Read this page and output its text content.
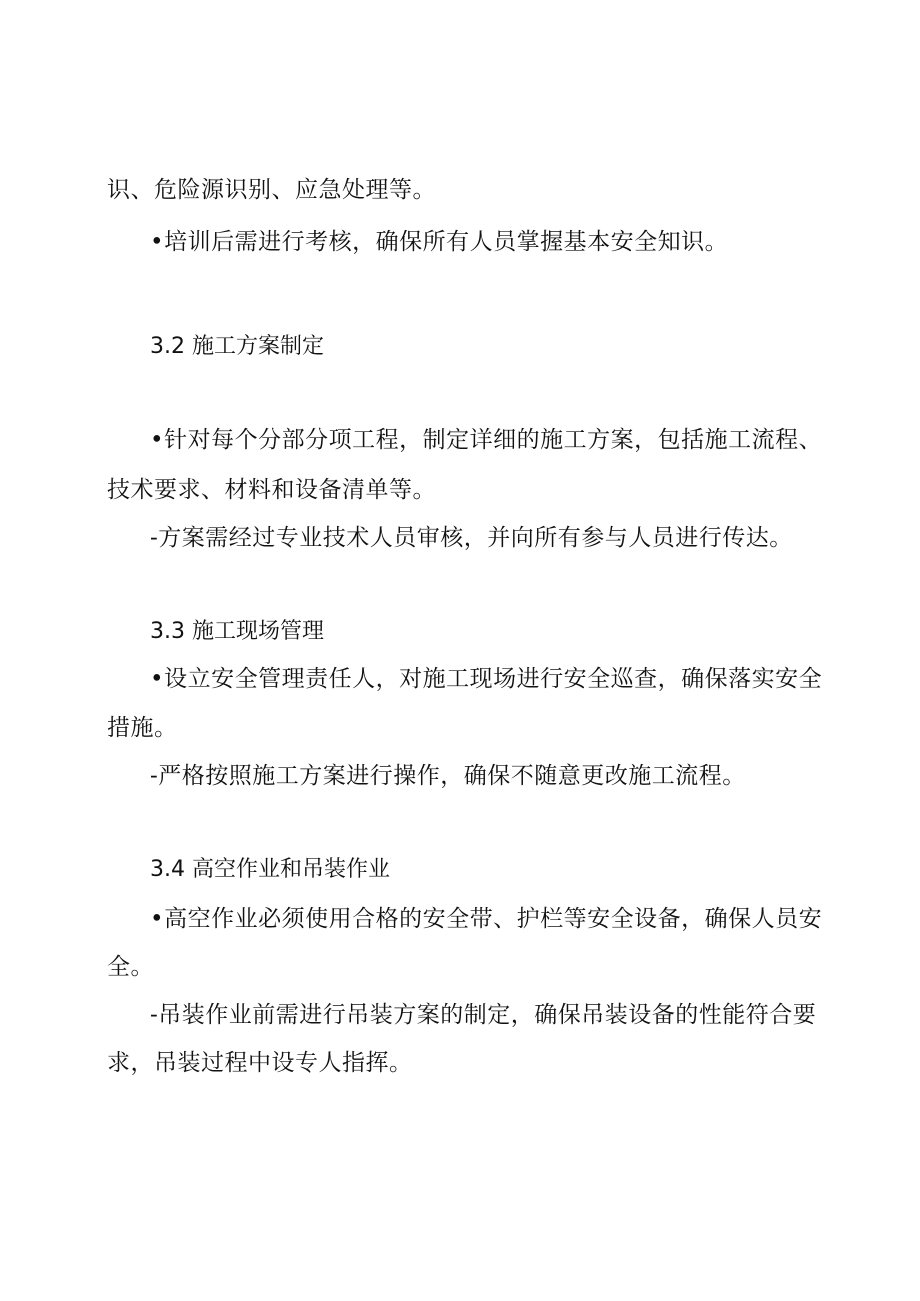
识、危险源识别、应急处理等。
•培训后需进行考核，确保所有人员掌握基本安全知识。
3.2 施工方案制定
•针对每个分部分项工程，制定详细的施工方案，包括施工流程、
技术要求、材料和设备清单等。
-方案需经过专业技术人员审核，并向所有参与人员进行传达。
3.3 施工现场管理
•设立安全管理责任人，对施工现场进行安全巡查，确保落实安全
措施。
-严格按照施工方案进行操作，确保不随意更改施工流程。
3.4 高空作业和吊装作业
•高空作业必须使用合格的安全带、护栏等安全设备，确保人员安
全。
-吊装作业前需进行吊装方案的制定，确保吊装设备的性能符合要
求，吊装过程中设专人指挥。
